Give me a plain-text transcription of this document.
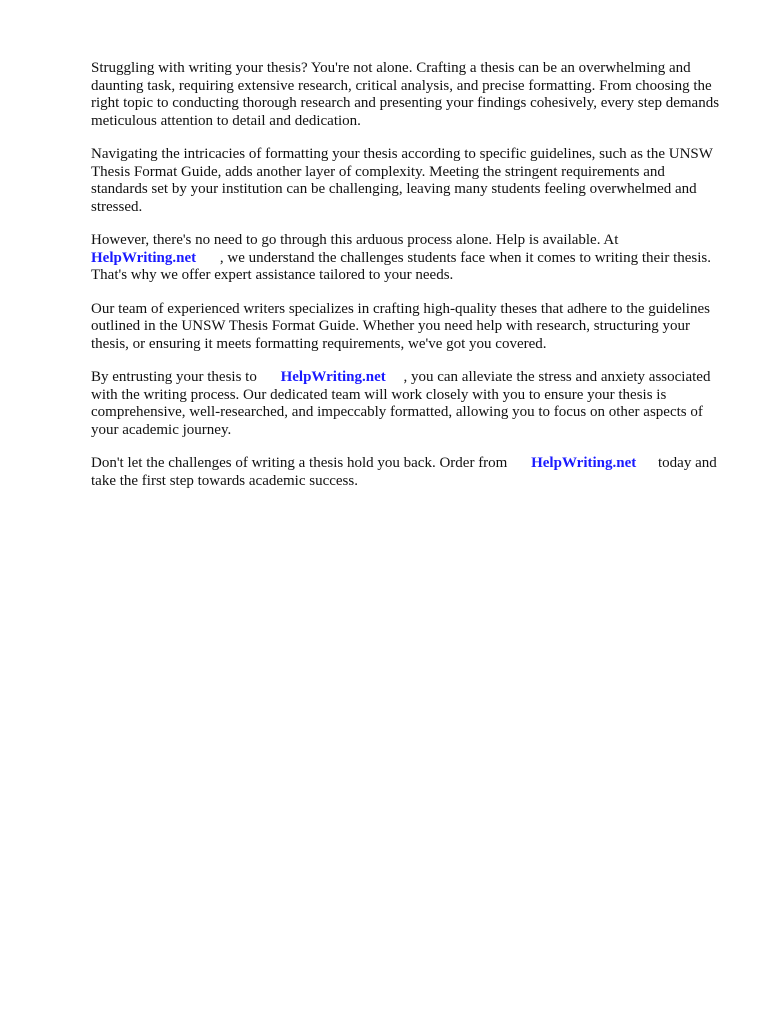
Struggling with writing your thesis? You're not alone. Crafting a thesis can be an overwhelming and daunting task, requiring extensive research, critical analysis, and precise formatting. From choosing the right topic to conducting thorough research and presenting your findings cohesively, every step demands meticulous attention to detail and dedication.

Navigating the intricacies of formatting your thesis according to specific guidelines, such as the UNSW Thesis Format Guide, adds another layer of complexity. Meeting the stringent requirements and standards set by your institution can be challenging, leaving many students feeling overwhelmed and stressed.

However, there's no need to go through this arduous process alone. Help is available. At
HelpWriting.net , we understand the challenges students face when it comes to writing their thesis. That's why we offer expert assistance tailored to your needs.

Our team of experienced writers specializes in crafting high-quality theses that adhere to the guidelines outlined in the UNSW Thesis Format Guide. Whether you need help with research, structuring your thesis, or ensuring it meets formatting requirements, we've got you covered.

By entrusting your thesis to HelpWriting.net , you can alleviate the stress and anxiety associated with the writing process. Our dedicated team will work closely with you to ensure your thesis is comprehensive, well-researched, and impeccably formatted, allowing you to focus on other aspects of your academic journey.

Don't let the challenges of writing a thesis hold you back. Order from HelpWriting.net today and take the first step towards academic success.
